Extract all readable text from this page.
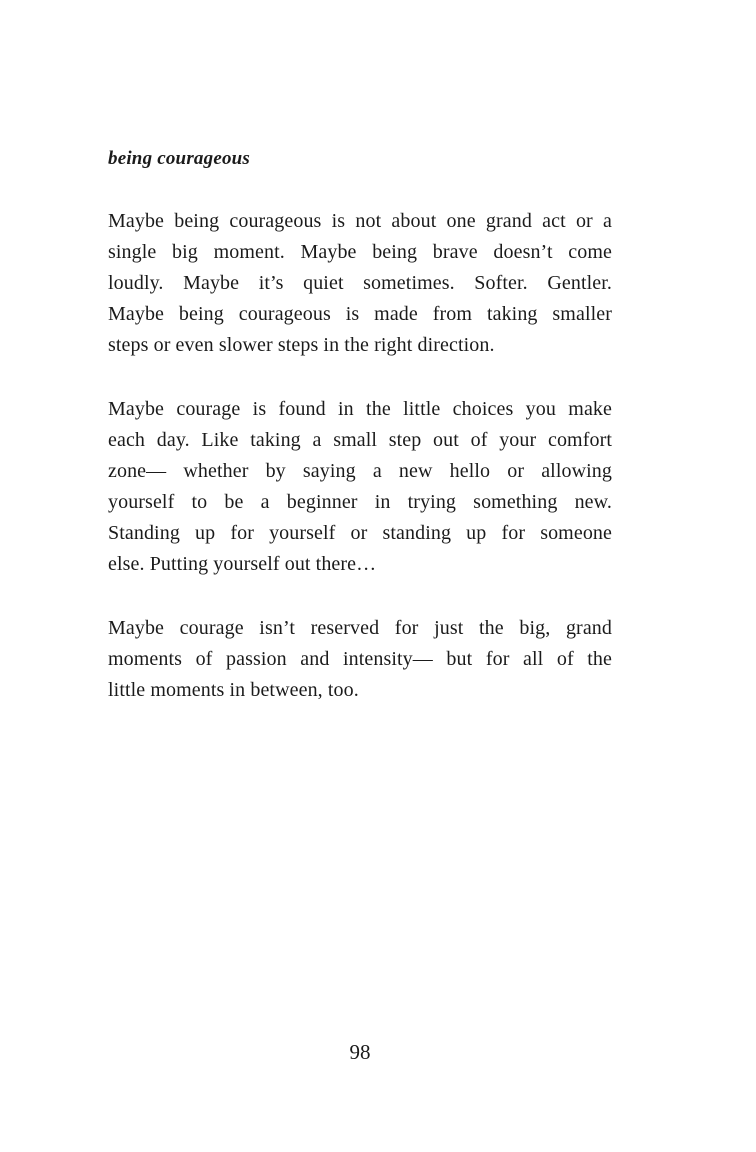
being courageous
Maybe being courageous is not about one grand act or a
single big moment. Maybe being brave doesn’t come
loudly. Maybe it’s quiet sometimes. Softer. Gentler.
Maybe being courageous is made from taking smaller
steps or even slower steps in the right direction.
Maybe courage is found in the little choices you make
each day. Like taking a small step out of your comfort
zone— whether by saying a new hello or allowing
yourself to be a beginner in trying something new.
Standing up for yourself or standing up for someone
else. Putting yourself out there…
Maybe courage isn’t reserved for just the big, grand
moments of passion and intensity— but for all of the
little moments in between, too.
98
